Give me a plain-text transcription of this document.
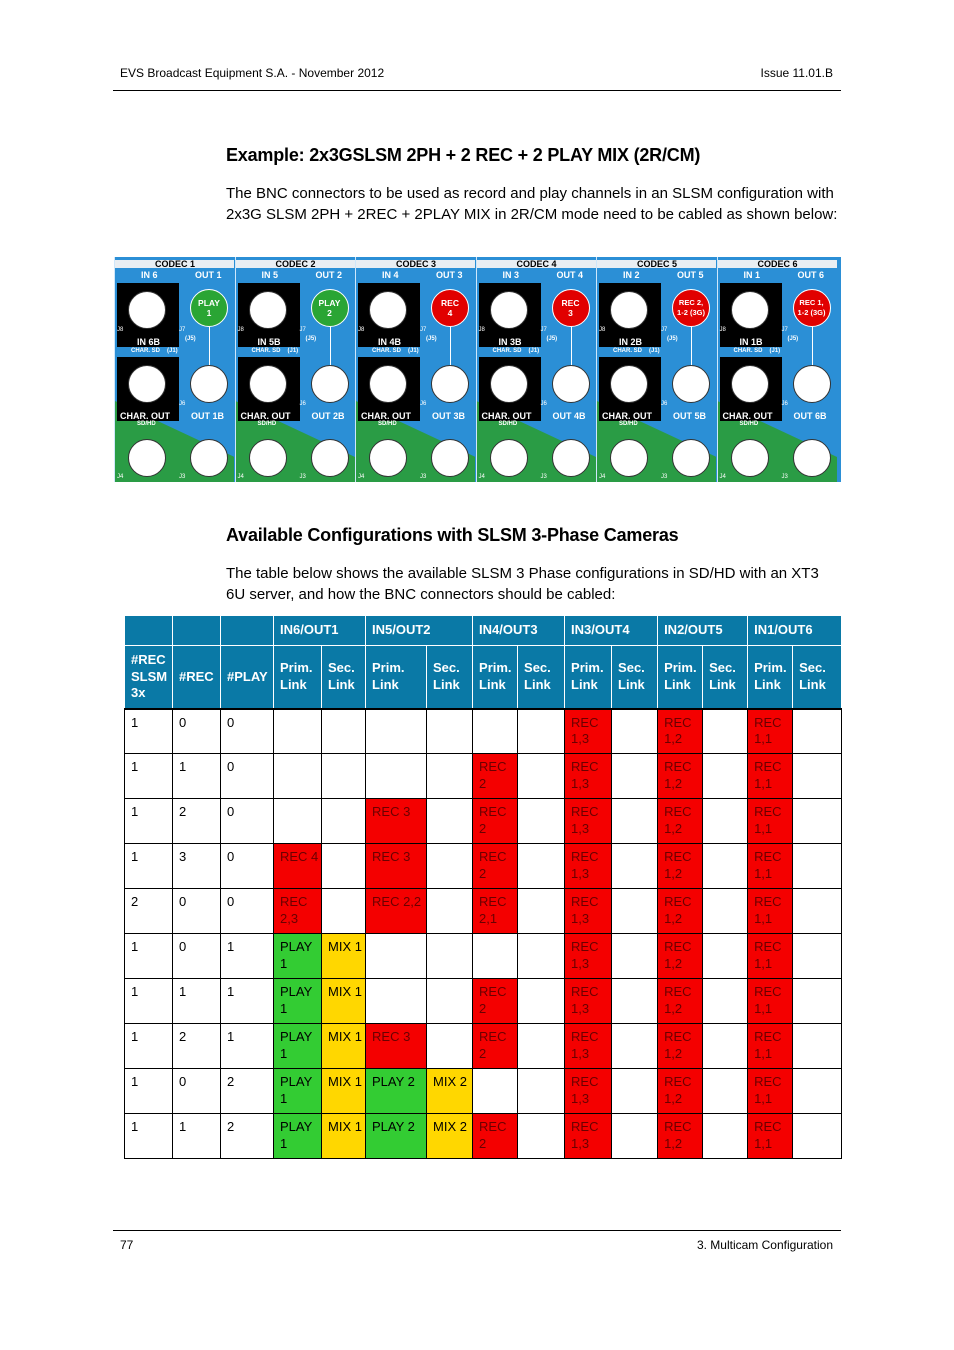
EVS Broadcast Equipment S.A. - November 2012	Issue 11.01.B
Example: 2x3GSLSM 2PH + 2 REC + 2 PLAY MIX (2R/CM)

The BNC connectors to be used as record and play channels in an SLSM configuration with 2x3G SLSM 2PH + 2REC + 2PLAY MIX in 2R/CM mode need to be cabled as shown below:

CODEC 1
IN 6	OUT 1
PLAY
1
J8	J7
IN 6B	(J5)
CHAR. SD (J1)
J6
CHAR. OUT
SD/HD
OUT 1B
J4	J3
CODEC 2
IN 5	OUT 2
PLAY
2
J8	J7
IN 5B	(J5)
CHAR. SD (J1)
J6
CHAR. OUT
SD/HD
OUT 2B
J4	J3
CODEC 3
IN 4	OUT 3
REC
4
J8	J7
IN 4B	(J5)
CHAR. SD (J1)
J6
CHAR. OUT
SD/HD
OUT 3B
J4	J3
CODEC 4
IN 3	OUT 4
REC
3
J8	J7
IN 3B	(J5)
CHAR. SD (J1)
J6
CHAR. OUT
SD/HD
OUT 4B
J4	J3
CODEC 5
IN 2	OUT 5
REC 2,
1-2 (3G)
J8	J7
IN 2B	(J5)
CHAR. SD (J1)
J6
CHAR. OUT
SD/HD
OUT 5B
J4	J3
CODEC 6
IN 1	OUT 6
REC 1,
1-2 (3G)
J8	J7
IN 1B	(J5)
CHAR. SD (J1)
J6
CHAR. OUT
SD/HD
OUT 6B
J4	J3
Available Configurations with SLSM 3-Phase Cameras

The table below shows the available SLSM 3 Phase configurations in SD/HD with an XT3 6U server, and how the BNC connectors should be cabled:

			IN6/OUT1		IN5/OUT2		IN4/OUT3		IN3/OUT4		IN2/OUT5		IN1/OUT6	
#REC SLSM 3x	#REC	#PLAY	Prim. Link	Sec. Link	Prim. Link	Sec. Link	Prim. Link	Sec. Link	Prim. Link	Sec. Link	Prim. Link	Sec. Link	Prim. Link	Sec. Link

1	0	0							REC 1,3		REC 1,2		REC 1,1	

1	1	0					REC 2		REC 1,3		REC 1,2		REC 1,1	

1	2	0			REC 3		REC 2		REC 1,3		REC 1,2		REC 1,1	

1	3	0	REC 4		REC 3		REC 2		REC 1,3		REC 1,2		REC 1,1	

2	0	0	REC 2,3		REC 2,2		REC 2,1		REC 1,3		REC 1,2		REC 1,1	

1	0	1	PLAY 1	MIX 1					REC 1,3		REC 1,2		REC 1,1	

1	1	1	PLAY 1	MIX 1			REC 2		REC 1,3		REC 1,2		REC 1,1	

1	2	1	PLAY 1	MIX 1	REC 3		REC 2		REC 1,3		REC 1,2		REC 1,1	

1	0	2	PLAY 1	MIX 1	PLAY 2	MIX 2			REC 1,3		REC 1,2		REC 1,1	

1	1	2	PLAY 1	MIX 1	PLAY 2	MIX 2	REC 2		REC 1,3		REC 1,2		REC 1,1	

77	3. Multicam Configuration
